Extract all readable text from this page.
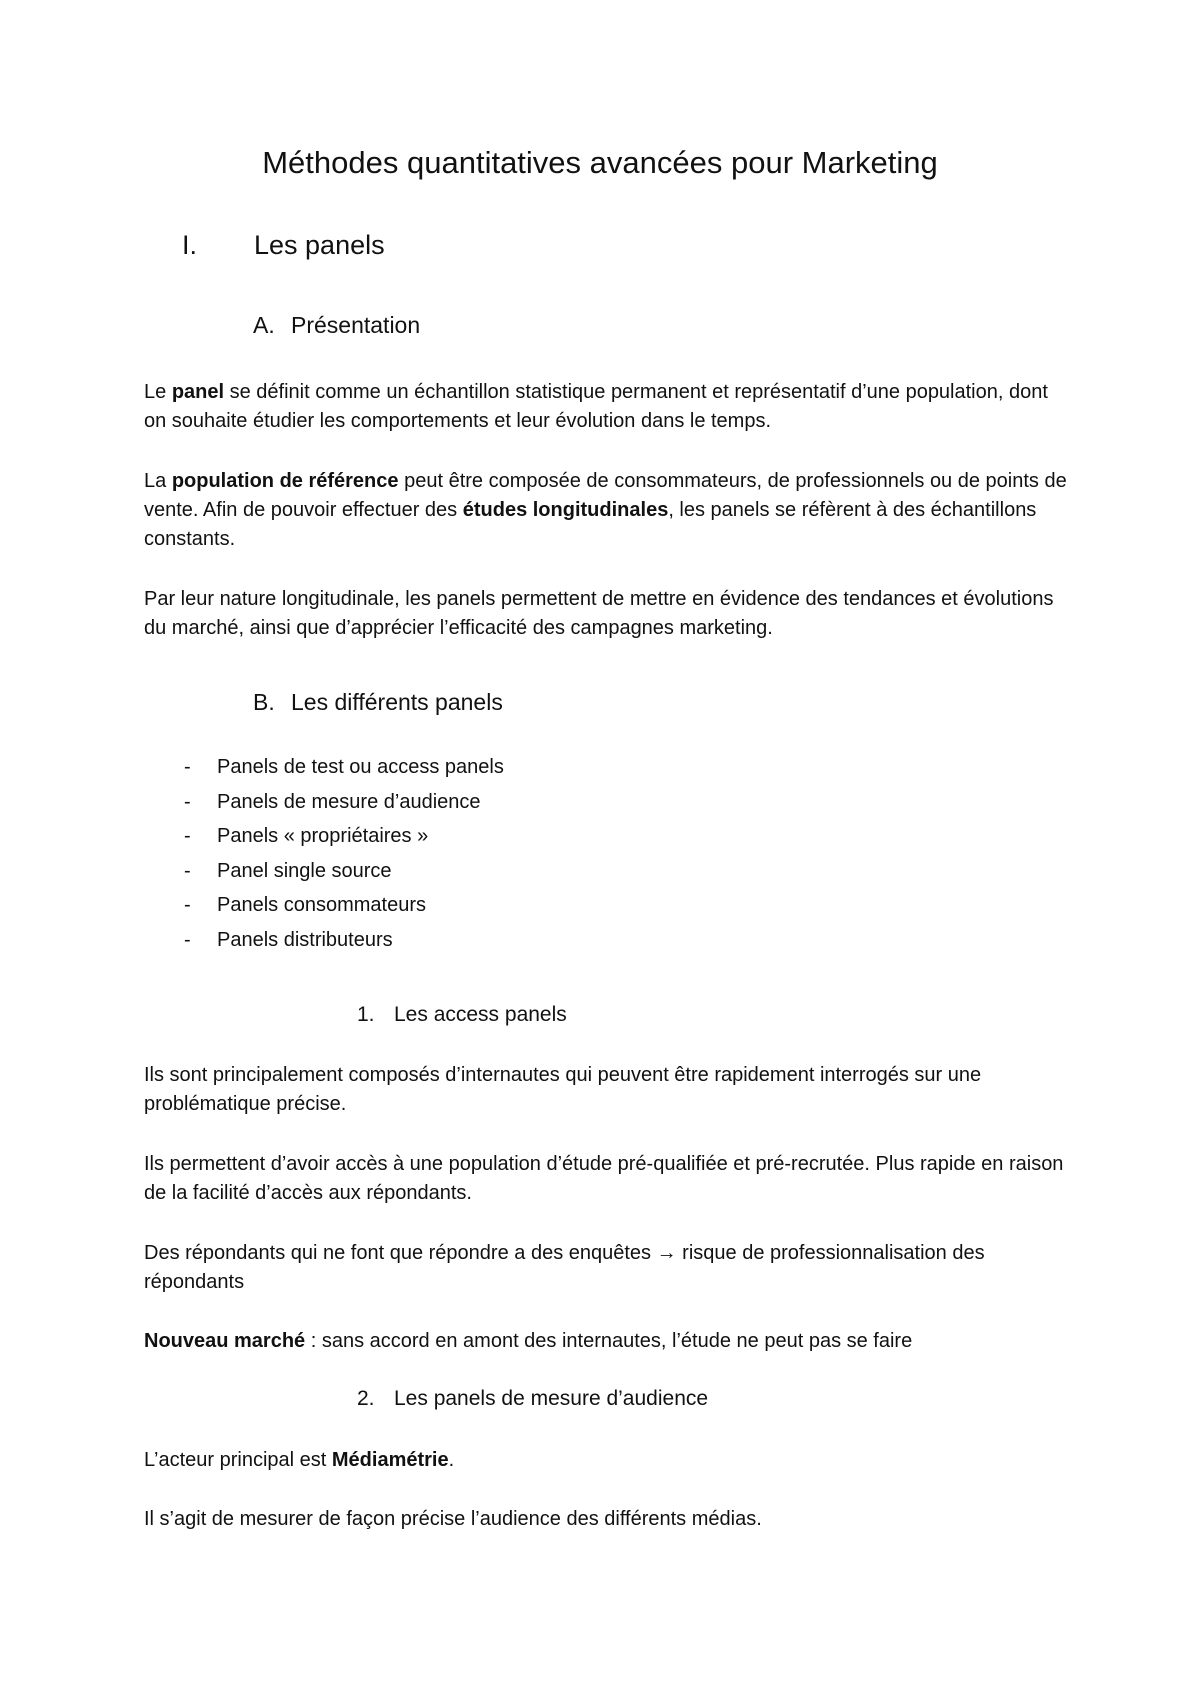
Méthodes quantitatives avancées pour Marketing
I. Les panels
A. Présentation

Le panel se définit comme un échantillon statistique permanent et représentatif d’une population, dont on souhaite étudier les comportements et leur évolution dans le temps.

La population de référence peut être composée de consommateurs, de professionnels ou de points de vente. Afin de pouvoir effectuer des études longitudinales, les panels se réfèrent à des échantillons constants.

Par leur nature longitudinale, les panels permettent de mettre en évidence des tendances et évolutions du marché, ainsi que d’apprécier l’efficacité des campagnes marketing.

B. Les différents panels
- Panels de test ou access panels
- Panels de mesure d’audience
- Panels « propriétaires »
- Panel single source
- Panels consommateurs
- Panels distributeurs
1. Les access panels

Ils sont principalement composés d’internautes qui peuvent être rapidement interrogés sur une problématique précise.

Ils permettent d’avoir accès à une population d’étude pré-qualifiée et pré-recrutée. Plus rapide en raison de la facilité d’accès aux répondants.

Des répondants qui ne font que répondre a des enquêtes → risque de professionnalisation des répondants

Nouveau marché : sans accord en amont des internautes, l’étude ne peut pas se faire

2. Les panels de mesure d’audience

L’acteur principal est Médiamétrie.

Il s’agit de mesurer de façon précise l’audience des différents médias.
